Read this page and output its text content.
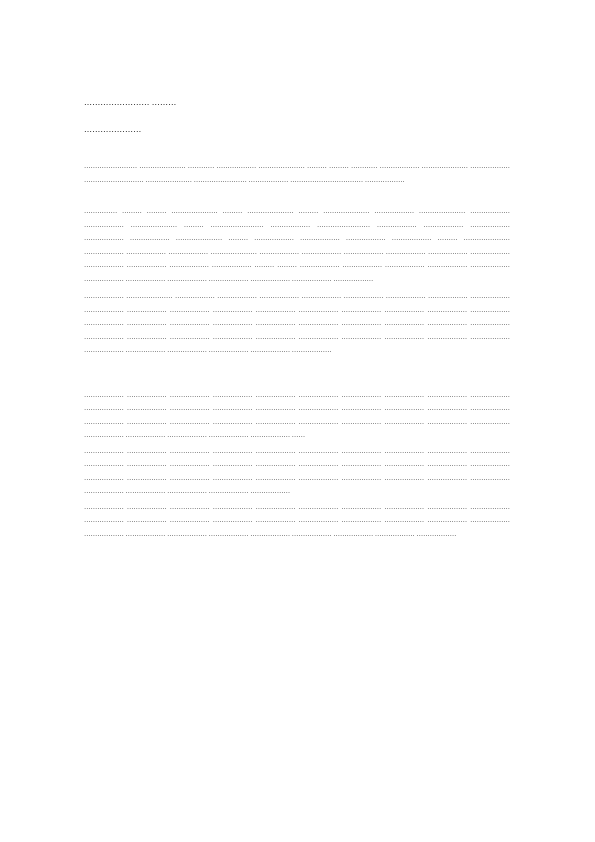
…………………… ………

…………………

…………………… ………………… ………… ……………… ………………… ……… ……… ………… ……………… ………………… ……………… ……………………… ………………… …………………… ……………… …………………………… ………………

…………… ……… ……… ………………… ……… ………………… ……… ………………… ……………… ………………… ……………… ……………… ………………… ……… …………………… ……………… …………………… ……………… ……………… ……………… ……………… ……………… ………………… ……… ……………… ……………… ……………… ……………… ……… ………………… ……………… ……………… ……………… ………………… ……………… ……………… ……………… ……………… ……………… ……………… ……………… ……………… ……………… ……………… ……… ……… ……………… ……………… ……………… ……………… ……………… ……………… ……………… ……………… ……………… ……………… ……………… ………………

……………… ………………… ……………… ……………… ……………… ……………… ……………… ……………… ……………… ……………… ……………… ……………… ……………… ……………… ……………… ……………… ……………… ……………… ……………… ……………… ……………… ……………… ……………… ……………… ……………… ……………… ……………… ……………… ……………… ……………… ……………… ……………… ……………… ……………… ……………… ……………… ……………… ……………… ……………… ……………… ……………… ……………… ……………… ……………… ……………… ………………

……………… ……………… ……………… ……………… ……………… ……………… ……………… ……………… ……………… ……………… ……………… ……………… ……………… ……………… ……………… ……………… ……………… ……………… ……………… ……………… ……………… ……………… ……………… ……………… ……………… ……………… ……………… ……………… ……………… ……………… ……………… ……………… ……………… ……………… ……………… ……

……………… ……………… ……………… ……………… ……………… ……………… ……………… ……………… ……………… ……………… ……………… ……………… ……………… ……………… ……………… ……………… ……………… ……………… ……………… ……………… ……………… ……………… ……………… ……………… ……………… ……………… ……………… ……………… ……………… ……………… ……………… ……………… ……………… ……………… ………………

……………… ……………… ……………… ……………… ……………… ……………… ……………… ……………… ……………… ……………… ……………… ……………… ……………… ……………… ……………… ……………… ……………… ……………… ……………… ……………… ……………… ……………… ……………… ……………… ……………… ……………… ……………… ……………… ………………
